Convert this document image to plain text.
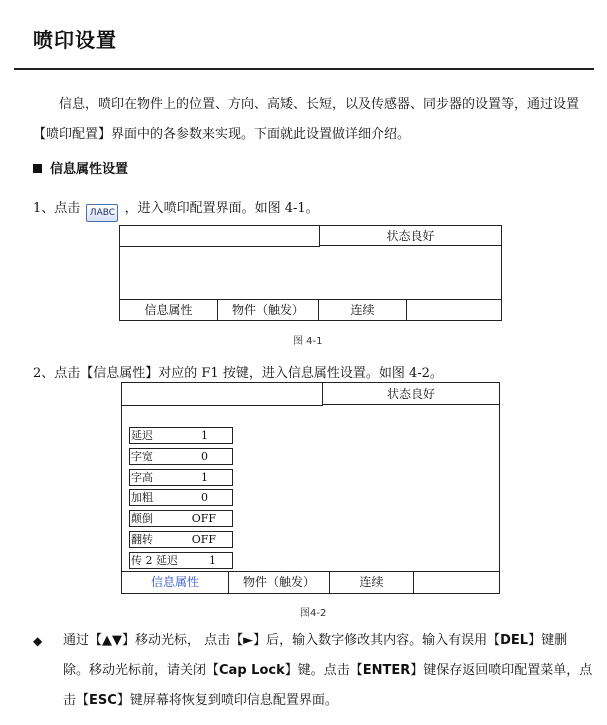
喷印设置
信息，喷印在物件上的位置、方向、高矮、长短，以及传感器、同步器的设置等，通过设置【喷印配置】界面中的各参数来实现。下面就此设置做详细介绍。
信息属性设置
1、点击 ЛABC ，进入喷印配置界面。如图 4-1。
状态良好
信息属性	物件（触发）	连续
图 4-1
2、点击【信息属性】对应的 F1 按键，进入信息属性设置。如图 4-2。
状态良好
延迟	1
字宽	0
字高	1
加粗	0
颠倒	OFF
翻转	OFF
传 2 延迟	1
信息属性	物件（触发）	连续
图4-2
◆ 通过【▲▼】移动光标， 点击【►】后，输入数字修改其内容。输入有误用【DEL】键删除。移动光标前，请关闭【Cap Lock】键。点击【ENTER】键保存返回喷印配置菜单，点击【ESC】键屏幕将恢复到喷印信息配置界面。
